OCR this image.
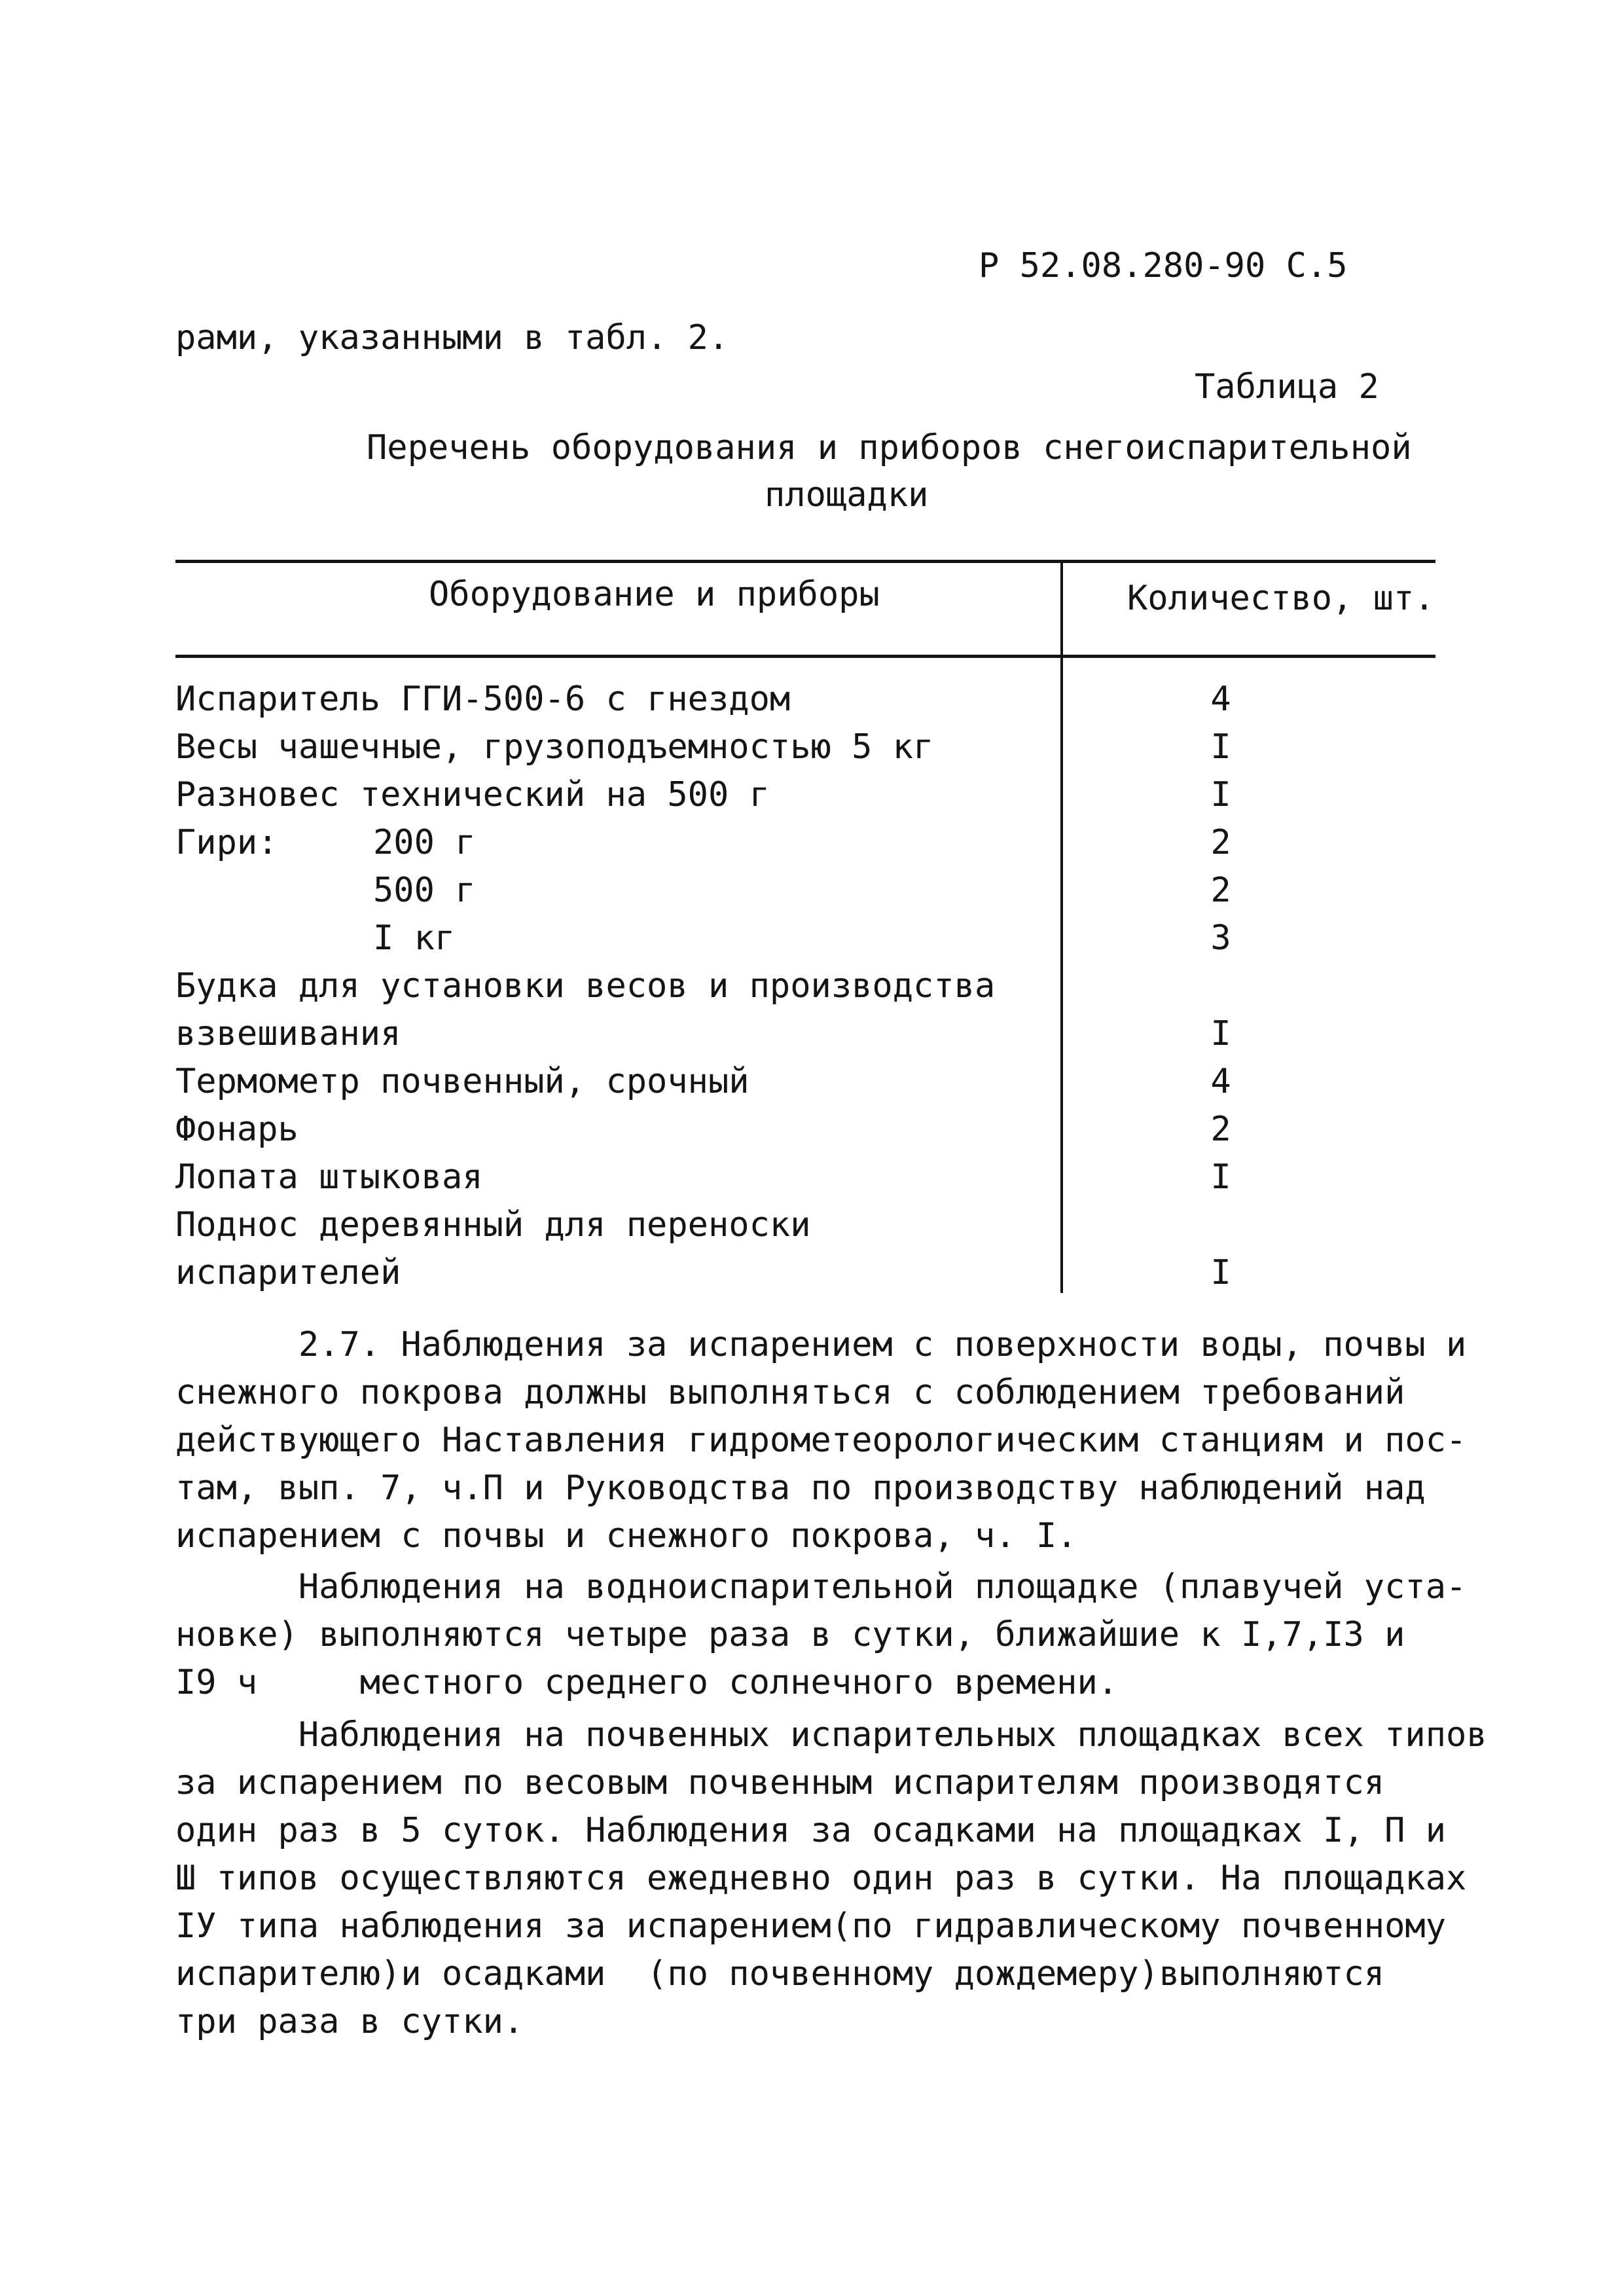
Р 52.08.280-90 С.5
рами, указанными в табл. 2.
Таблица 2
Перечень оборудования и приборов снегоиспарительной
площадки
Оборудование и приборы	Количество, шт.
Испаритель ГГИ-500-6 с гнездом	4
Весы чашечные, грузоподъемностью 5 кг	I
Разновес технический на 500 г	I
Гири:	200 г	2
500 г	2
I кг	3
Будка для установки весов и производства
взвешивания	I
Термометр почвенный, срочный	4
Фонарь	2
Лопата штыковая	I
Поднос деревянный для переноски
испарителей	I
2.7. Наблюдения за испарением с поверхности воды, почвы и
снежного покрова должны выполняться с соблюдением требований
действующего Наставления гидрометеорологическим станциям и пос-
там, вып. 7, ч.П и Руководства по производству наблюдений над
испарением с почвы и снежного покрова, ч. I.
Наблюдения на водноиспарительной площадке (плавучей уста-
новке) выполняются четыре раза в сутки, ближайшие к I,7,I3 и
I9 ч     местного среднего солнечного времени.
Наблюдения на почвенных испарительных площадках всех типов
за испарением по весовым почвенным испарителям производятся
один раз в 5 суток. Наблюдения за осадками на площадках I, П и
Ш типов осуществляются ежедневно один раз в сутки. На площадках
IУ типа наблюдения за испарением(по гидравлическому почвенному
испарителю)и осадками  (по почвенному дождемеру)выполняются
три раза в сутки.
